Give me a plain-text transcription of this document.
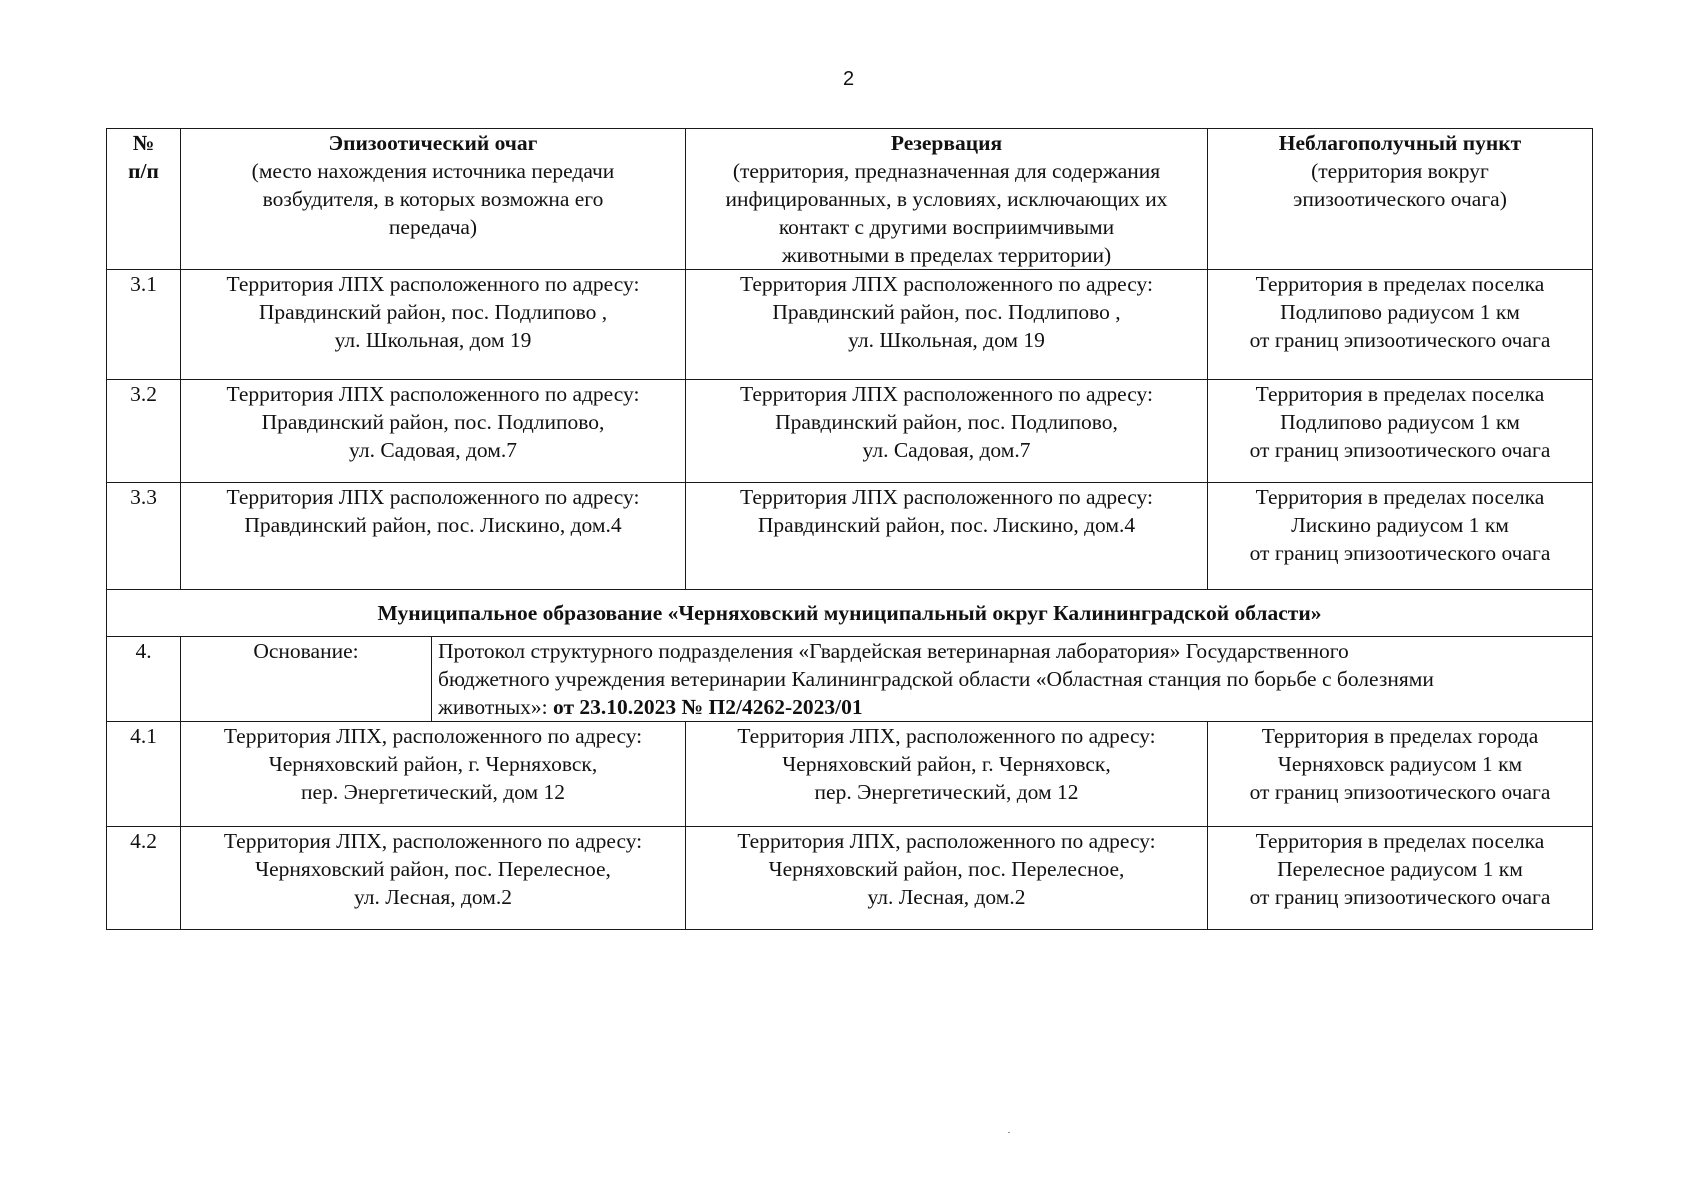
2
№
п/п	Эпизоотический очаг
(место нахождения источника передачи
возбудителя, в которых возможна его
передача)		Резервация
(территория, предназначенная для содержания
инфицированных, в условиях, исключающих их
контакт с другими восприимчивыми
животными в пределах территории)	Неблагополучный пункт
(территория вокруг
эпизоотического очага)

3.1	Территория ЛПХ расположенного по адресу:
Правдинский район, пос. Подлипово ,
ул. Школьная, дом 19		Территория ЛПХ расположенного по адресу:
Правдинский район, пос. Подлипово ,
ул. Школьная, дом 19	Территория в пределах поселка
Подлипово радиусом 1 км
от границ эпизоотического очага

3.2	Территория ЛПХ расположенного по адресу:
Правдинский район, пос. Подлипово,
ул. Садовая, дом.7		Территория ЛПХ расположенного по адресу:
Правдинский район, пос. Подлипово,
ул. Садовая, дом.7	Территория в пределах поселка
Подлипово радиусом 1 км
от границ эпизоотического очага

3.3	Территория ЛПХ расположенного по адресу:
Правдинский район, пос. Лискино, дом.4		Территория ЛПХ расположенного по адресу:
Правдинский район, пос. Лискино, дом.4	Территория в пределах поселка
Лискино радиусом 1 км
от границ эпизоотического очага

Муниципальное образование «Черняховский муниципальный округ Калининградской области»				
4.	Основание:	Протокол структурного подразделения «Гвардейская ветеринарная лаборатория» Государственного
бюджетного учреждения ветеринарии Калининградской области «Областная станция по борьбе с болезнями
животных»: от 23.10.2023 № П2/4262-2023/01		

4.1	Территория ЛПХ, расположенного по адресу:
Черняховский район, г. Черняховск,
пер. Энергетический, дом 12		Территория ЛПХ, расположенного по адресу:
Черняховский район, г. Черняховск,
пер. Энергетический, дом 12	Территория в пределах города
Черняховск радиусом 1 км
от границ эпизоотического очага

4.2	Территория ЛПХ, расположенного по адресу:
Черняховский район, пос. Перелесное,
ул. Лесная, дом.2		Территория ЛПХ, расположенного по адресу:
Черняховский район, пос. Перелесное,
ул. Лесная, дом.2	Территория в пределах поселка
Перелесное радиусом 1 км
от границ эпизоотического очага
